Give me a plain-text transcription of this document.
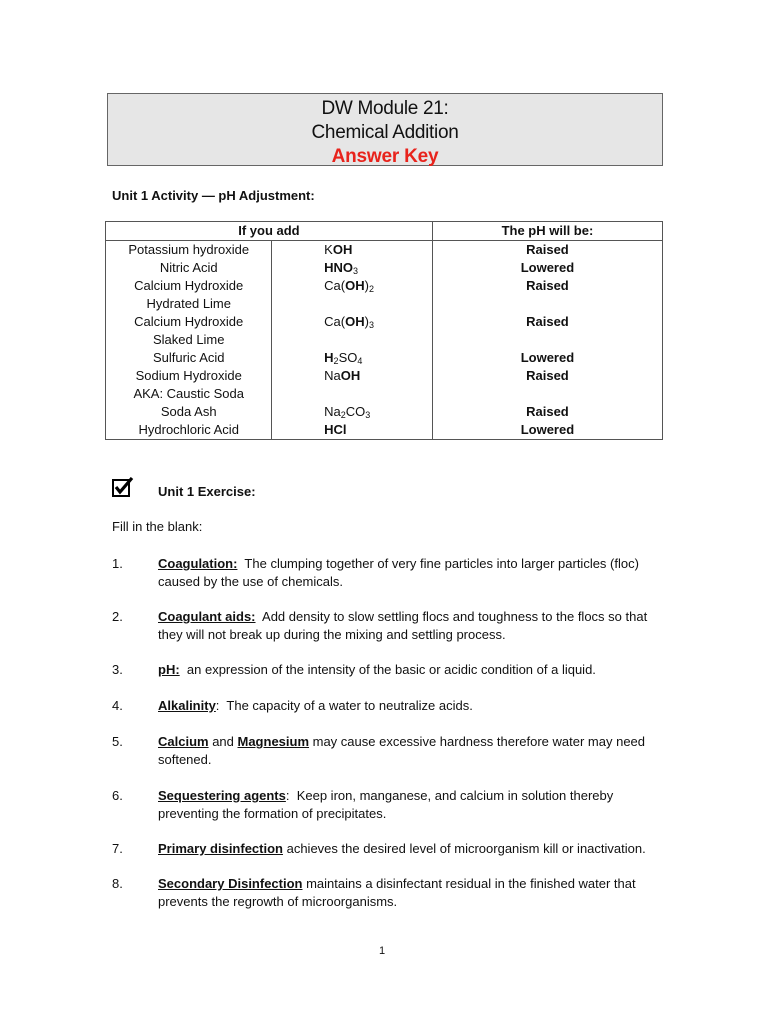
DW Module 21:
Chemical Addition
Answer Key
Unit 1 Activity — pH Adjustment:
If you add		The pH will be:

Potassium hydroxide	KOH	Raised

Nitric Acid	$HNO_3$	Lowered

Calcium Hydroxide
Hydrated Lime	$Ca(OH)_2$	Raised

Calcium Hydroxide
Slaked Lime	$Ca(OH)_3$	Raised

Sulfuric Acid	$H_2SO_4$	Lowered

Sodium Hydroxide
AKA: Caustic Soda	NaOH	Raised

Soda Ash	$Na_2CO_3$	Raised

Hydrochloric Acid	HCl	Lowered
Unit 1 Exercise:
Fill in the blank:
1.	Coagulation:  The clumping together of very fine particles into larger particles (floc) caused by the use of chemicals.
2.	Coagulant aids:  Add density to slow settling flocs and toughness to the flocs so that they will not break up during the mixing and settling process.
3.	pH:  an expression of the intensity of the basic or acidic condition of a liquid.
4.	Alkalinity:  The capacity of a water to neutralize acids.
5.	Calcium and Magnesium may cause excessive hardness therefore water may need softened.
6.	Sequestering agents:  Keep iron, manganese, and calcium in solution thereby preventing the formation of precipitates.
7.	Primary disinfection achieves the desired level of microorganism kill or inactivation.
8.	Secondary Disinfection maintains a disinfectant residual in the finished water that prevents the regrowth of microorganisms.
1
